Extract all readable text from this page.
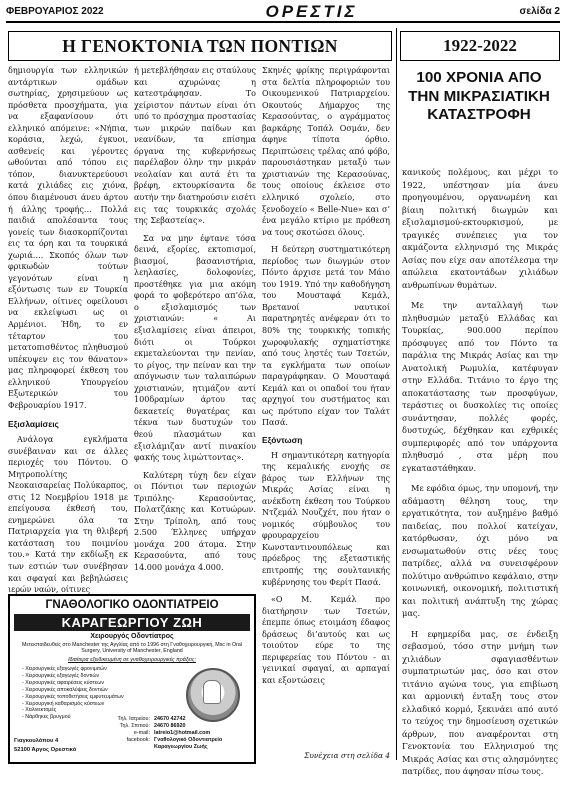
ΦΕΒΡΟΥΑΡΙΟΣ 2022	ΟΡΕΣΤΙΣ	σελίδα 2
Η ΓΕΝΟΚΤΟΝΙΑ ΤΩΝ ΠΟΝΤΙΩΝ

δημιουργία των ελληνικών αντάρτικων ομάδων σωτηρίας, χρησιμεύουν ως πρόσθετα προσχήματα, για να εξαφανίσουν ότι ελληνικό απόμεινε: «Νήπια, κοράσια, λεχώ, έγκυοι, ασθενείς και γέροντες ωθούνται από τόπου εις τόπον, διανυκτερεύουσι κατά χιλιάδες εις χιόνα, όπου διαμένουσι άνευ άρτου ή άλλης τροφής… Πολλά παιδιά απολέσαντα τους γονείς των διασκορπίζονται εις τα όρη και τα τουρκικά χωριά…. Σκοπός όλων των φρικωδών τούτων γεγονότων είναι η εξόντωσις των εν Τουρκία Ελλήνων, οίτινες οφείλουσι να εκλείψωσι ως οι Αρμένιοι. Ήδη, το εν τέταρτον του μετατοπισθέντος πληθυσμού υπέκυψεν εις τον θάνατον» μας πληροφορεί έκθεση του ελληνικού Υπουργείου Εξωτερικών του Φεβρουαρίου 1917.

Εξισλαμίσεις

Ανάλογα εγκλήματα συνέβαιναν και σε άλλες περιοχές του Πόντου. Ο Μητροπολίτης Νεοκαισαρείας Πολύκαρπος, στις 12 Νοεμβρίου 1918 με επείγουσα έκθεσή του, ενημερώνει όλα τα Πατριαρχεία για τη θλιβερή κατάσταση του ποιμνίου του.» Κατά την εκδίωξη εκ των εστιών των συνέβησαν και σφαγαί και βεβηλώσεις ιερών ναών, οίτινες

ή μετεβλήθησαν εις σταύλους και αχυρώνας η κατεστράφησαν. Το χείριστον πάντων είναι ότι υπό το πρόσχημα προστασίας των μικρών παίδων και νεανίδων, τα επίσημα όργανα της κυβερνήσεως παρέλαβον όλην την μικράν νεολαίαν και αυτά έτι τα βρέφη, εκτουρκίσαντα δε αυτήν την διατηρούσιν εισέτι εις τας τουρκικάς σχολάς της Σεβαστείας».

Σα να μην έφτανε τόσα δεινά, εξορίες, εκτοπισμοί, βιασμοί, βασανιστήρια, λεηλασίες, δολοφονίες, προστέθηκε για μια ακόμη φορά το φοβερότερο απ’όλα, ο εξισλαμισμός των χριστιανών: « Αι εξισλαμίσεις είναι άπειροι, διότι οι Τούρκοι εκμεταλεύονται την πενίαν, το ρίγος, την πείναν και την απόγνωσιν των ταλαιπώρων χριστιανών, ητιμάζον αντί 100δραμίων άρτου τας δεκαετείς θυγατέρας και τέκνα των δυστυχών του θεού πλασμάτων και εξισλάμιζαν αντί πινακίου φακής τους λιμώττοντας».

Καλύτερη τύχη δεν είχαν οι Πόντιοι των περιοχών Τριπόλης- Κερασούντας, Πολατζάκης και Κοτυώρων. Στην Τρίπολη, από τους 2.500 Έλληνες υπήρχαν μονάχα 200 άτομα. Στην Κερασούντα, από τους 14.000 μονάχα 4.000.

Σκηνές φρίκης περιγράφονται στα δελτία πληροφοριών του Οικουμενικού Πατριαρχείου. Οκουτούς Δήμαρχος της Κερασούντας, ο αγράμματος βαρκάρης Τοπάλ Οσμάν, δεν άφηνε τίποτα όρθιο. Περιπτώσεις τρέλας από φόβο, παρουσιάστηκαν μεταξύ των χριστιανών της Κερασούνας, τους οποίους έκλεισε στο ελληνικό σχολείο, στο ξενοδοχείο « Belle-Nue» και σ’ ένα μεγάλο κτίριο με πρόθεση να τους σκοτώσει όλους.

Η δεύτερη συστηματικότερη περίοδος των διωγμών στον Πόντο άρχισε μετά τον Μάιο του 1919. Υπό την καθοδήγηση του Μουσταφά Κεμάλ, Βρετανοί ναυτικοί παρατηρητές ανέφεραν ότι το 80% της τουρκικής τοπικής χωροφυλακής σχηματίστηκε από τους ληστές των Τσετών, τα εγκλήματα των οποίων παραγράφηκαν. Ο Μουσταφά Κεμάλ και οι οπαδοί του ήταν αρχηγοί του συστήματος και ως πρότυπο είχαν τον Ταλάτ Πασά.

Εξόντωση

Η σημαντικότερη κατηγορία της κεμαλικής ενοχής σε βάρος των Ελλήνων της Μικράς Ασίας είναι η ανέκδοτη έκθεση του Τούρκου Ντζεμάλ Νουζχέτ, που ήταν ο νομικός σύμβουλος του φρουραρχείου Κωνσταντινουπόλεως και πρόεδρος της εξεταστικής επιτροπής της σουλτανικής κυβέρνησης του Φερίτ Πασά.

«Ο Μ. Κεμάλ προ διατήρησιν των Τσετών, έπεμπε όπως ετοιμάση έδαφος δράσεως δι’αυτούς και ως τοιούτον εύρε το της περιφερείας του Πόντου - αι γεινικαί σφαγαί, αι αρπαγαί και εξοντώσεις

Συνέχεια στη σελίδα 4
1922-2022
100 ΧΡΟΝΙΑ ΑΠΟ ΤΗΝ ΜΙΚΡΑΣΙΑΤΙΚΗ ΚΑΤΑΣΤΡΟΦΗ

κανικούς πολέμους, και μέχρι το 1922, υπέστησαν μία άνευ προηγουμένου, οργανωμένη και βίαιη πολιτική διωγμών και εξισλαμισμού-εκτουρκισμού, με τραγικές συνέπειες για τον ακμάζοντα ελληνισμό της Μικράς Ασίας που είχε σαν αποτέλεσμα την απώλεια εκατοντάδων χιλιάδων ανθρωπίνων θυμάτων.

Με την ανταλλαγή των πληθυσμών μεταξύ Ελλάδας και Τουρκίας, 900.000 περίπου πρόσφυγες από τον Πόντο τα παράλια της Μικράς Ασίας και την Ανατολική Ρωμυλία, κατέφυγαν στην Ελλάδα. Τιτάνιο το έργο της αποκατάστασης των προσφύγων, τεράστιες οι δυσκολίες τις οποίες συνάντησαν, πολλές φορές, δυστυχώς, δέχθηκαν και εχθρικές συμπεριφορές από τον υπάρχοντα πληθυσμό , στα μέρη που εγκαταστάθηκαν.

Με εφόδια όμως, την υπομονή, την αδάμαστη θέληση τους, την εργατικότητα, τον αυξημένο βαθμό παιδείας, που πολλοί κατείχαν, κατόρθωσαν, όχι μόνο να ενσωματωθούν στις νέες τους πατρίδες, αλλά να συνεισφέρουν πολύτιμο ανθρώπινο κεφάλαιο, στην κοινωνική, οικονομική, πολιτιστική και πολιτική ανάπτυξη της χώρας μας.

Η εφημερίδα μας, σε ένδειξη σεβασμού, τόσο στην μνήμη των χιλιάδων σφαγιασθέντων συμπατριωτών μας, όσο και στον τιτάνιο αγώνα τους, για επιβίωση και αρμονική ένταξη τους στον ελλαδικό κορμό, ξεκινάει από αυτό το τεύχος την δημοσίευση σχετικών άρθρων, που αναφέρονται στη Γενοκτονία του Ελληνισμού της Μικράς Ασίας και στις αλησμόνητες πατρίδες, που άφησαν πίσω τους.

ΓΝΑΘΟΛΟΓΙΚΟ ΟΔΟΝΤΙΑΤΡΕΙΟ
ΚΑΡΑΓΕΩΡΓΙΟΥ ΖΩΗ
Χειρουργός Οδοντίατρος
Μετεκπαιδευθείς στο Manchester της Αγγλίας από το 1996 στη Γναθοχειρουργική, Msc in Oral Surgery, University of Manchester, England
Ιδιαίτερα εξειδικευμένη σε γναθοχειρουργικές πράξεις:
- Χειρουργικές εξαγωγές φρονιμιτών
- Χειρουργικές εξαγωγές δοντιών
- Χειρουργικές αφαιρέσεις κύστεων
- Χειρουργικές αποκαλύψεις δοντιών
- Χειρουργικές τοποθετήσεις εμφυτευμάτων
- Χειρουργική καθαρισμός κύστεων
- Χαλινεκτομές
- Νάρθηκες βρυγμού	Τηλ. Ιατρείου: 24670 42742
Τηλ. Σπιτιού: 24670 86920
e-mail: latreio1@hotmail.com
facebook: Γναθολογικό Οδοντιατρείο Καραγεωργίου Ζωής
Γιαγκουλόπου 4
52100 Άργος Ορεστικό
